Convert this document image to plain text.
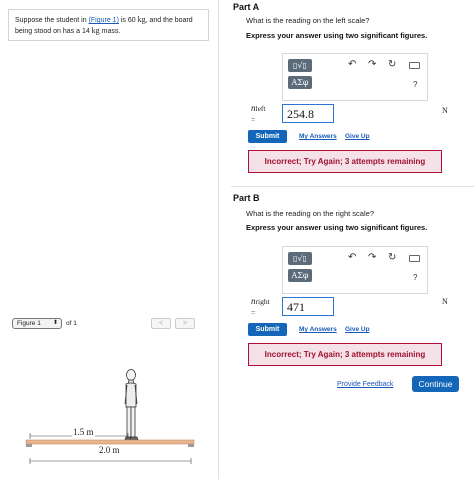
Suppose the student in (Figure 1) is 60 kg, and the board being stood on has a 14 kg mass.
Part A
What is the reading on the left scale?
Express your answer using two significant figures.
▯√▯
ΑΣφ
↶ ↷ ↻
?
nleft
=	254.8	N
Submit	My Answers Give Up
Incorrect; Try Again; 3 attempts remaining
Part B
What is the reading on the right scale?
Express your answer using two significant figures.
▯√▯
ΑΣφ
↶ ↷ ↻
?
nright
=	471	N
Submit	My Answers Give Up
Incorrect; Try Again; 3 attempts remaining
Provide Feedback	Continue
Figure 1 ⬍ of 1	<	>
1.5 m
2.0 m
